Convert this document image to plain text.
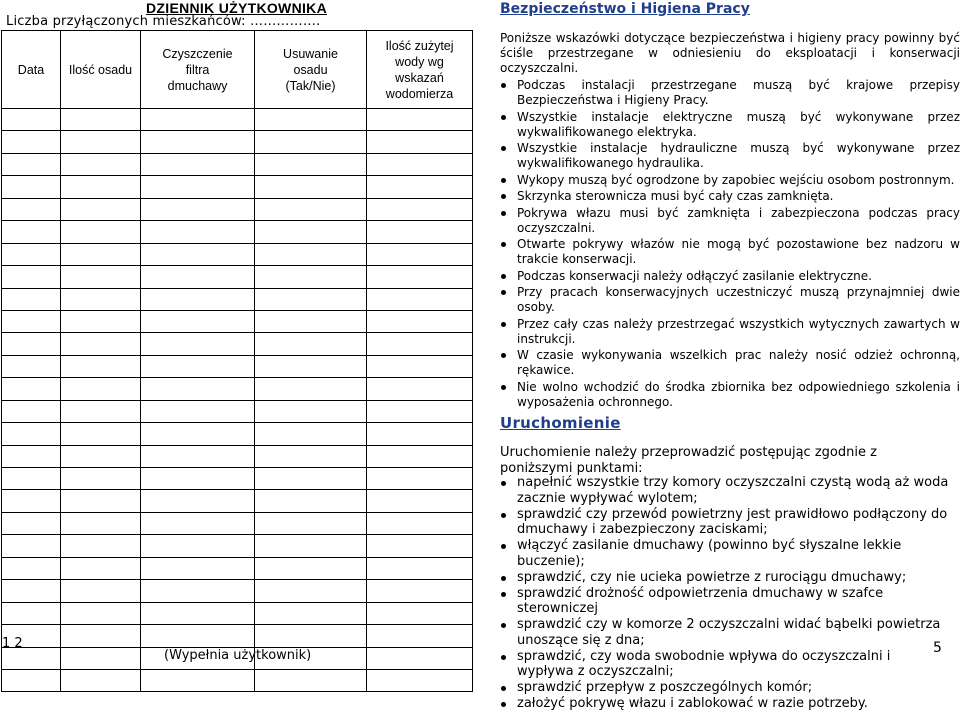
DZIENNIK UŻYTKOWNIKA
Liczba przyłączonych mieszkańców: …………….
Data	Ilość osadu	Czyszczenie filtra dmuchawy	Usuwanie osadu (Tak/Nie)	Ilość zużytej wody wg wskazań wodomierza

1 2
(Wypełnia użytkownik)
Bezpieczeństwo i Higiena Pracy
Poniższe wskazówki dotyczące bezpieczeństwa i higieny pracy powinny być ściśle przestrzegane w odniesieniu do eksploatacji i konserwacji oczyszczalni.
Podczas instalacji przestrzegane muszą być krajowe przepisy Bezpieczeństwa i Higieny Pracy.
Wszystkie instalacje elektryczne muszą być wykonywane przez wykwalifikowanego elektryka.
Wszystkie instalacje hydrauliczne muszą być wykonywane przez wykwalifikowanego hydraulika.
Wykopy muszą być ogrodzone by zapobiec wejściu osobom postronnym.
Skrzynka sterownicza musi być cały czas zamknięta.
Pokrywa włazu musi być zamknięta i zabezpieczona podczas pracy oczyszczalni.
Otwarte pokrywy włazów nie mogą być pozostawione bez nadzoru w trakcie konserwacji.
Podczas konserwacji należy odłączyć zasilanie elektryczne.
Przy pracach konserwacyjnych uczestniczyć muszą przynajmniej dwie osoby.
Przez cały czas należy przestrzegać wszystkich wytycznych zawartych w instrukcji.
W czasie wykonywania wszelkich prac należy nosić odzież ochronną, rękawice.
Nie wolno wchodzić do środka zbiornika bez odpowiedniego szkolenia i wyposażenia ochronnego.
Uruchomienie
Uruchomienie należy przeprowadzić postępując zgodnie z poniższymi punktami:
napełnić wszystkie trzy komory oczyszczalni czystą wodą aż woda zacznie wypływać wylotem;
sprawdzić czy przewód powietrzny jest prawidłowo podłączony do dmuchawy i zabezpieczony zaciskami;
włączyć zasilanie dmuchawy (powinno być słyszalne lekkie buczenie);
sprawdzić, czy nie ucieka powietrze z rurociągu dmuchawy;
sprawdzić drożność odpowietrzenia dmuchawy w szafce sterowniczej
sprawdzić czy w komorze 2 oczyszczalni widać bąbelki powietrza unoszące się z dna;
sprawdzić, czy woda swobodnie wpływa do oczyszczalni i wypływa z oczyszczalni;
sprawdzić przepływ z poszczególnych komór;
założyć pokrywę włazu i zablokować w razie potrzeby.
5
